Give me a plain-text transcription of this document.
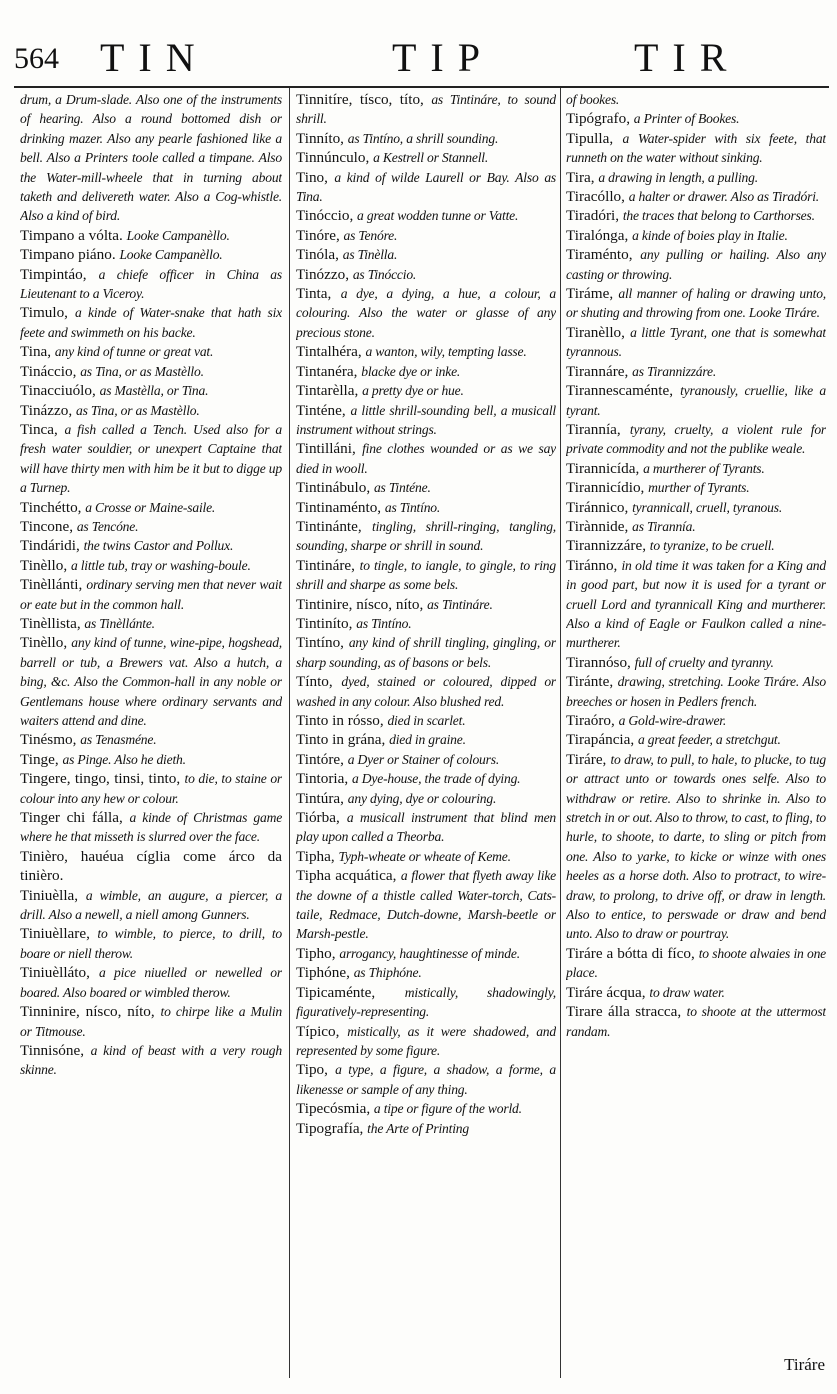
564 TIN	TIP	TIR

drum, a Drum-slade. Also one of the instruments of hearing. Also a round bottomed dish or drinking mazer. Also any pearle fashioned like a bell. Also a Printers toole called a timpane. Also the Water-mill-wheele that in turning about taketh and delivereth water. Also a Cog-whistle. Also a kind of bird.

Timpano a vólta. Looke Campanèllo.

Timpano piáno. Looke Campanèllo.

Timpintáo, a chiefe officer in China as Lieutenant to a Viceroy.

Timulo, a kinde of Water-snake that hath six feete and swimmeth on his backe.

Tina, any kind of tunne or great vat.

Tináccio, as Tina, or as Mastèllo.

Tinacciuólo, as Mastèlla, or Tina.

Tinázzo, as Tina, or as Mastèllo.

Tinca, a fish called a Tench. Used also for a fresh water souldier, or unexpert Captaine that will have thirty men with him be it but to digge up a Turnep.

Tinchétto, a Crosse or Maine-saile.

Tincone, as Tencóne.

Tindáridi, the twins Castor and Pollux.

Tinèllo, a little tub, tray or washing-boule.

Tinèllánti, ordinary serving men that never wait or eate but in the common hall.

Tinèllista, as Tinèllánte.

Tinèllo, any kind of tunne, wine-pipe, hogshead, barrell or tub, a Brewers vat. Also a hutch, a bing, &c. Also the Common-hall in any noble or Gentlemans house where ordinary servants and waiters attend and dine.

Tinésmo, as Tenasméne.

Tinge, as Pinge. Also he dieth.

Tingere, tingo, tinsi, tinto, to die, to staine or colour into any hew or colour.

Tinger chi fálla, a kinde of Christmas game where he that misseth is slurred over the face.

Tinièro, hauéua cíglia come árco da tinièro.

Tiniuèlla, a wimble, an augure, a piercer, a drill. Also a newell, a niell among Gunners.

Tiniuèllare, to wimble, to pierce, to drill, to boare or niell therow.

Tiniuèlláto, a pice niuelled or newelled or boared. Also boared or wimbled therow.

Tinninire, nísco, níto, to chirpe like a Mulin or Titmouse.

Tinnisóne, a kind of beast with a very rough skinne.

Tinnitíre, tísco, títo, as Tintináre, to sound shrill.

Tinníto, as Tintíno, a shrill sounding.

Tinnúnculo, a Kestrell or Stannell.

Tino, a kind of wilde Laurell or Bay. Also as Tina.

Tinóccio, a great wodden tunne or Vatte.

Tinóre, as Tenóre.

Tinóla, as Tinèlla.

Tinózzo, as Tinóccio.

Tinta, a dye, a dying, a hue, a colour, a colouring. Also the water or glasse of any precious stone.

Tintalhéra, a wanton, wily, tempting lasse.

Tintanéra, blacke dye or inke.

Tintarèlla, a pretty dye or hue.

Tinténe, a little shrill-sounding bell, a musicall instrument without strings.

Tintilláni, fine clothes wounded or as we say died in wooll.

Tintinábulo, as Tinténe.

Tintinaménto, as Tintíno.

Tintinánte, tingling, shrill-ringing, tangling, sounding, sharpe or shrill in sound.

Tintináre, to tingle, to iangle, to gingle, to ring shrill and sharpe as some bels.

Tintinire, nísco, níto, as Tintináre.

Tintiníto, as Tintíno.

Tintíno, any kind of shrill tingling, gingling, or sharp sounding, as of basons or bels.

Tínto, dyed, stained or coloured, dipped or washed in any colour. Also blushed red.

Tinto in rósso, died in scarlet.

Tinto in grána, died in graine.

Tintóre, a Dyer or Stainer of colours.

Tintoria, a Dye-house, the trade of dying.

Tintúra, any dying, dye or colouring.

Tiórba, a musicall instrument that blind men play upon called a Theorba.

Tipha, Typh-wheate or wheate of Keme.

Tipha acquática, a flower that flyeth away like the downe of a thistle called Water-torch, Cats-taile, Redmace, Dutch-downe, Marsh-beetle or Marsh-pestle.

Tipho, arrogancy, haughtinesse of minde.

Tiphóne, as Thiphóne.

Tipicaménte, mistically, shadowingly, figuratively-representing.

Típico, mistically, as it were shadowed, and represented by some figure.

Tipo, a type, a figure, a shadow, a forme, a likenesse or sample of any thing.

Tipecósmia, a tipe or figure of the world.

Tipografía, the Arte of Printing

of bookes.

Tipógrafo, a Printer of Bookes.

Tipulla, a Water-spider with six feete, that runneth on the water without sinking.

Tira, a drawing in length, a pulling.

Tiracóllo, a halter or drawer. Also as Tiradóri.

Tiradóri, the traces that belong to Carthorses.

Tiralónga, a kinde of boies play in Italie.

Tiraménto, any pulling or hailing. Also any casting or throwing.

Tiráme, all manner of haling or drawing unto, or shuting and throwing from one. Looke Tiráre.

Tiranèllo, a little Tyrant, one that is somewhat tyrannous.

Tirannáre, as Tirannizzáre.

Tirannescaménte, tyranously, cruellie, like a tyrant.

Tirannía, tyrany, cruelty, a violent rule for private commodity and not the publike weale.

Tirannicída, a murtherer of Tyrants.

Tirannicídio, murther of Tyrants.

Tiránnico, tyrannicall, cruell, tyranous.

Tirànnide, as Tirannía.

Tirannizzáre, to tyranize, to be cruell.

Tiránno, in old time it was taken for a King and in good part, but now it is used for a tyrant or cruell Lord and tyrannicall King and murtherer. Also a kind of Eagle or Faulkon called a nine-murtherer.

Tirannóso, full of cruelty and tyranny.

Tiránte, drawing, stretching. Looke Tiráre. Also breeches or hosen in Pedlers french.

Tiraóro, a Gold-wire-drawer.

Tirapáncia, a great feeder, a stretchgut.

Tiráre, to draw, to pull, to hale, to plucke, to tug or attract unto or towards ones selfe. Also to withdraw or retire. Also to shrinke in. Also to stretch in or out. Also to throw, to cast, to fling, to hurle, to shoote, to darte, to sling or pitch from one. Also to yarke, to kicke or winze with ones heeles as a horse doth. Also to protract, to wire-draw, to prolong, to drive off, or draw in length. Also to entice, to perswade or draw and bend unto. Also to draw or pourtray.

Tiráre a bótta di fíco, to shoote alwaies in one place.

Tiráre ácqua, to draw water.

Tirare álla stracca, to shoote at the uttermost randam.

Tiráre
